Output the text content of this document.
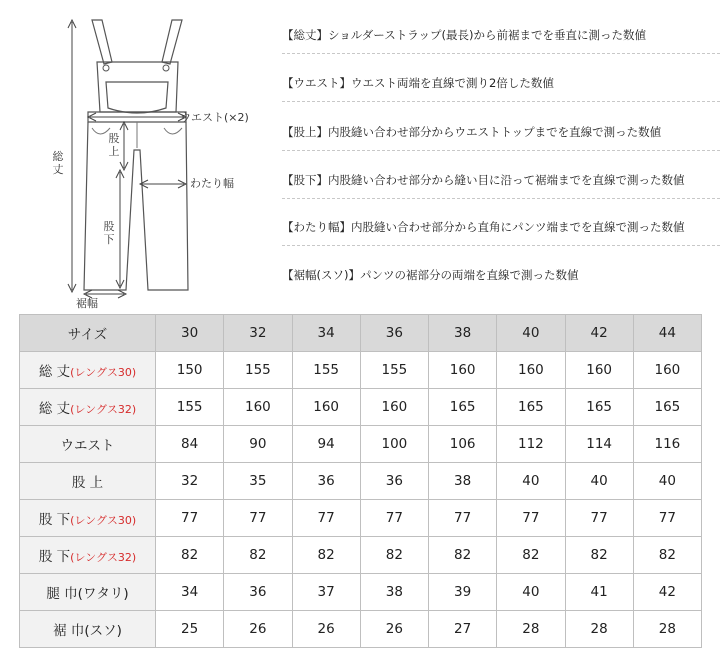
総丈
ウエスト(×2)
股上
わたり幅
股下
裾幅
【総丈】ショルダーストラップ(最長)から前裾までを垂直に測った数値
【ウエスト】ウエスト両端を直線で測り2倍した数値
【股上】内股縫い合わせ部分からウエストトップまでを直線で測った数値
【股下】内股縫い合わせ部分から縫い目に沿って裾端までを直線で測った数値
【わたり幅】内股縫い合わせ部分から直角にパンツ端までを直線で測った数値
【裾幅(スソ)】パンツの裾部分の両端を直線で測った数値
サイズ	30	32	34	36	38	40	42	44
総 丈(レングス30)	150	155	155	155	160	160	160	160
総 丈(レングス32)	155	160	160	160	165	165	165	165
ウエスト	84	90	94	100	106	112	114	116
股 上	32	35	36	36	38	40	40	40
股 下(レングス30)	77	77	77	77	77	77	77	77
股 下(レングス32)	82	82	82	82	82	82	82	82
腿 巾(ワタリ)	34	36	37	38	39	40	41	42
裾 巾(スソ)	25	26	26	26	27	28	28	28
